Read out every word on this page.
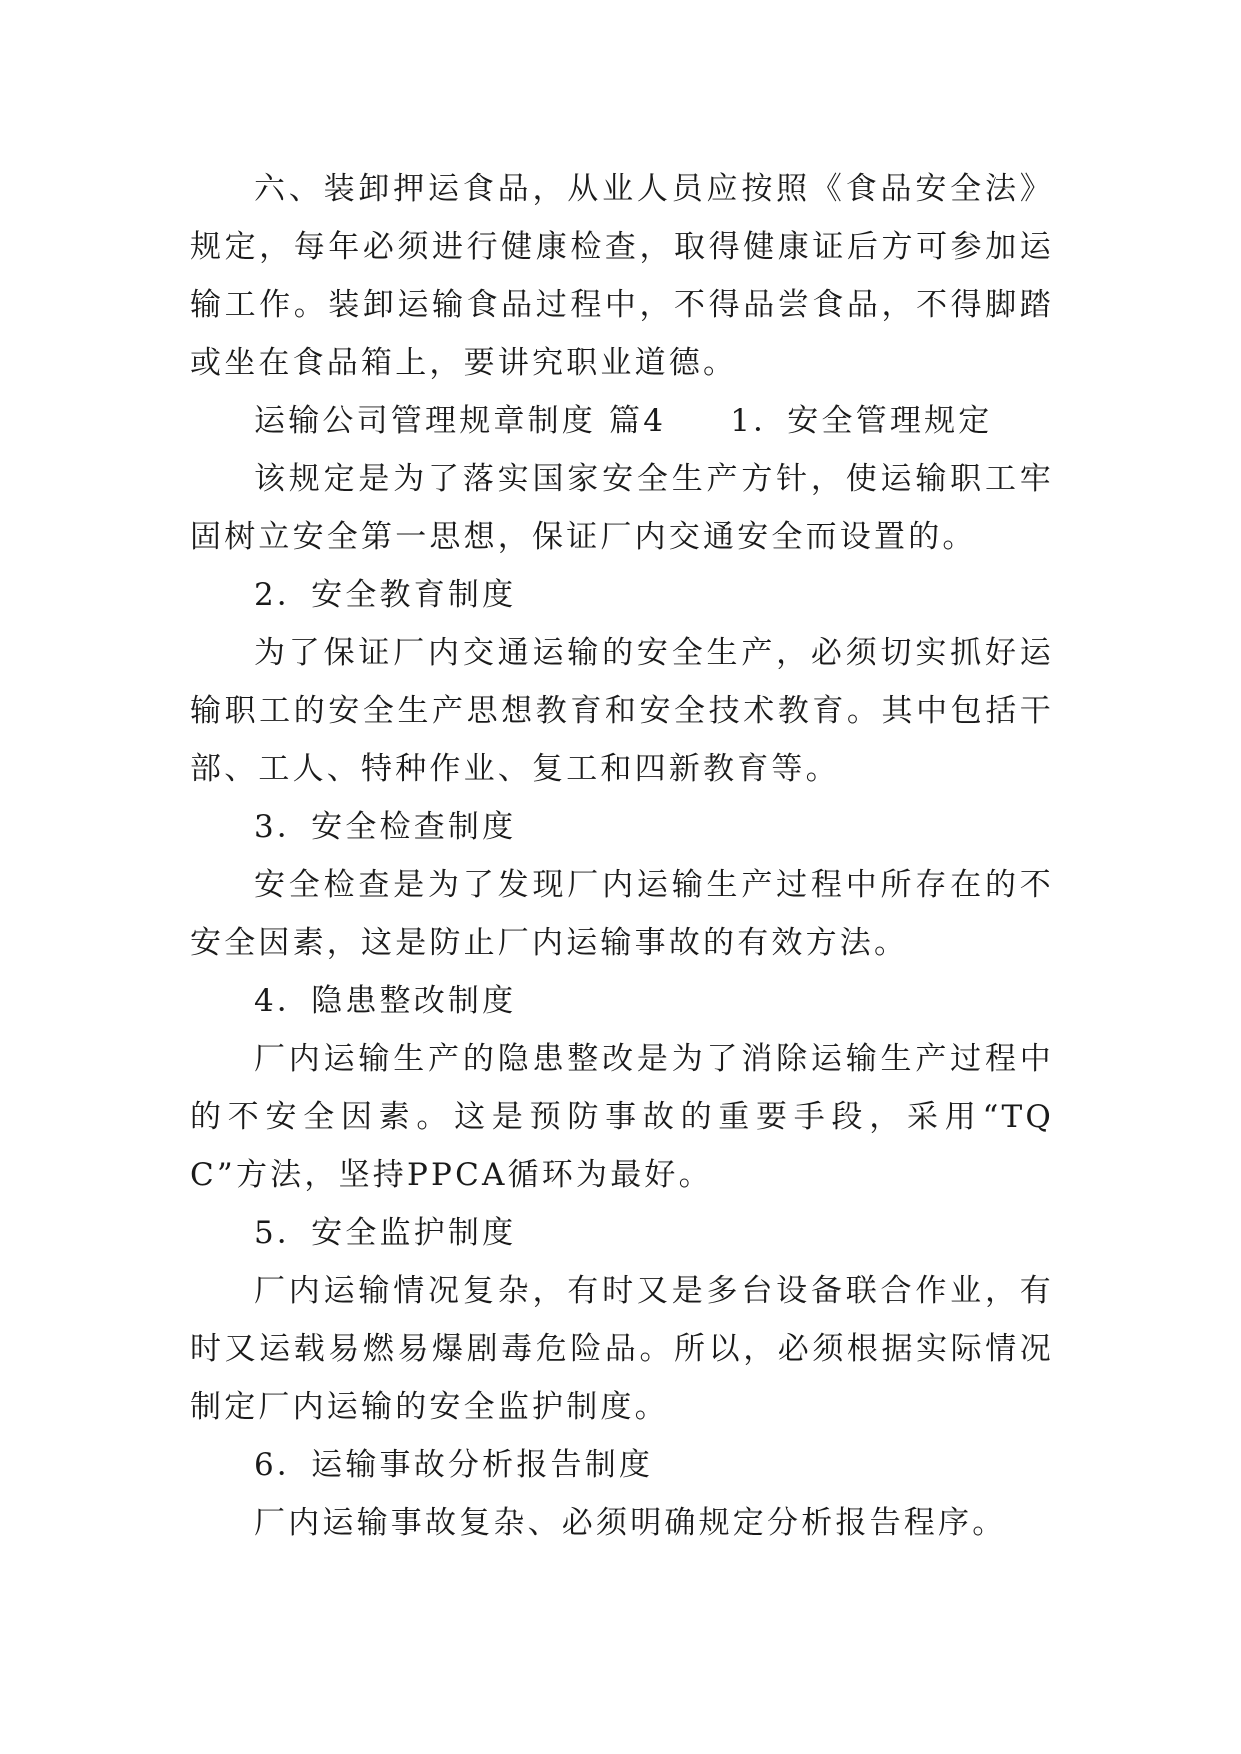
六、装卸押运食品，从业人员应按照《食品安全法》规定，每年必须进行健康检查，取得健康证后方可参加运输工作。装卸运输食品过程中，不得品尝食品，不得脚踏或坐在食品箱上，要讲究职业道德。

运输公司管理规章制度 篇4 1．安全管理规定

该规定是为了落实国家安全生产方针，使运输职工牢固树立安全第一思想，保证厂内交通安全而设置的。

2．安全教育制度

为了保证厂内交通运输的安全生产，必须切实抓好运输职工的安全生产思想教育和安全技术教育。其中包括干部、工人、特种作业、复工和四新教育等。

3．安全检查制度

安全检查是为了发现厂内运输生产过程中所存在的不安全因素，这是防止厂内运输事故的有效方法。

4．隐患整改制度

厂内运输生产的隐患整改是为了消除运输生产过程中的不安全因素。这是预防事故的重要手段，采用“TQC”方法，坚持PPCA循环为最好。

5．安全监护制度

厂内运输情况复杂，有时又是多台设备联合作业，有时又运载易燃易爆剧毒危险品。所以，必须根据实际情况制定厂内运输的安全监护制度。

6．运输事故分析报告制度

厂内运输事故复杂、必须明确规定分析报告程序。
